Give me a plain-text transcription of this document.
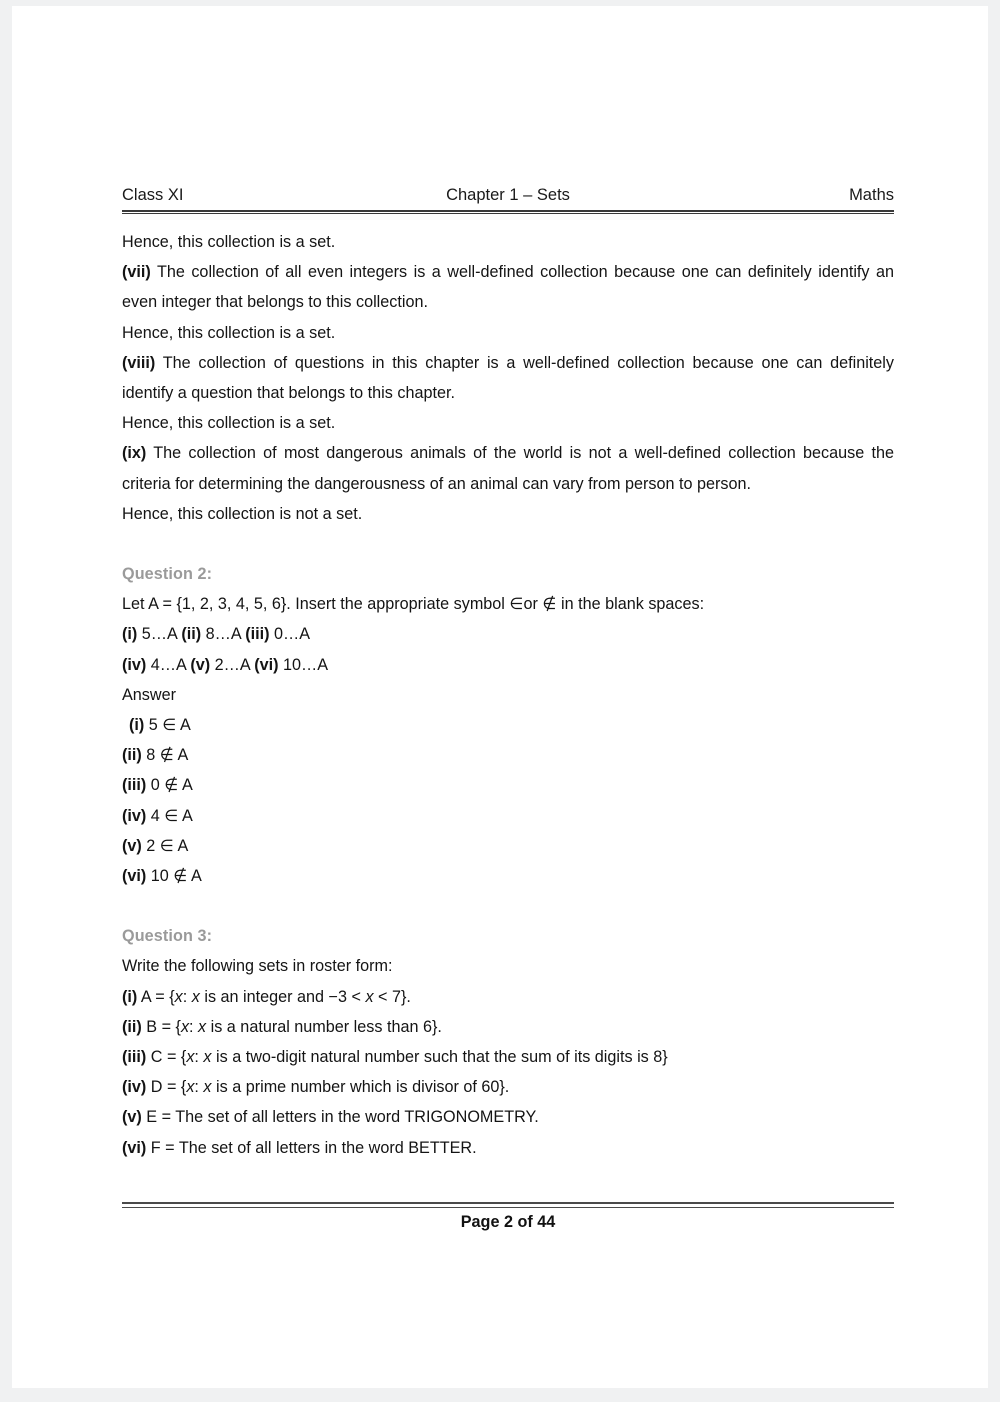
Class XI	Chapter 1 – Sets	Maths

Hence, this collection is a set.

(vii) The collection of all even integers is a well-defined collection because one can definitely identify an even integer that belongs to this collection.

Hence, this collection is a set.

(viii) The collection of questions in this chapter is a well-defined collection because one can definitely identify a question that belongs to this chapter.

Hence, this collection is a set.

(ix) The collection of most dangerous animals of the world is not a well-defined collection because the criteria for determining the dangerousness of an animal can vary from person to person.

Hence, this collection is not a set.

Question 2:

Let A = {1, 2, 3, 4, 5, 6}. Insert the appropriate symbol ∈or ∉ in the blank spaces:

(i) 5…A (ii) 8…A (iii) 0…A

(iv) 4…A (v) 2…A (vi) 10…A

Answer

(i) 5 ∈ A

(ii) 8 ∉ A

(iii) 0 ∉ A

(iv) 4 ∈ A

(v) 2 ∈ A

(vi) 10 ∉ A

Question 3:

Write the following sets in roster form:

(i) A = {x: x is an integer and −3 < x < 7}.

(ii) B = {x: x is a natural number less than 6}.

(iii) C = {x: x is a two-digit natural number such that the sum of its digits is 8}

(iv) D = {x: x is a prime number which is divisor of 60}.

(v) E = The set of all letters in the word TRIGONOMETRY.

(vi) F = The set of all letters in the word BETTER.

Page 2 of 44
